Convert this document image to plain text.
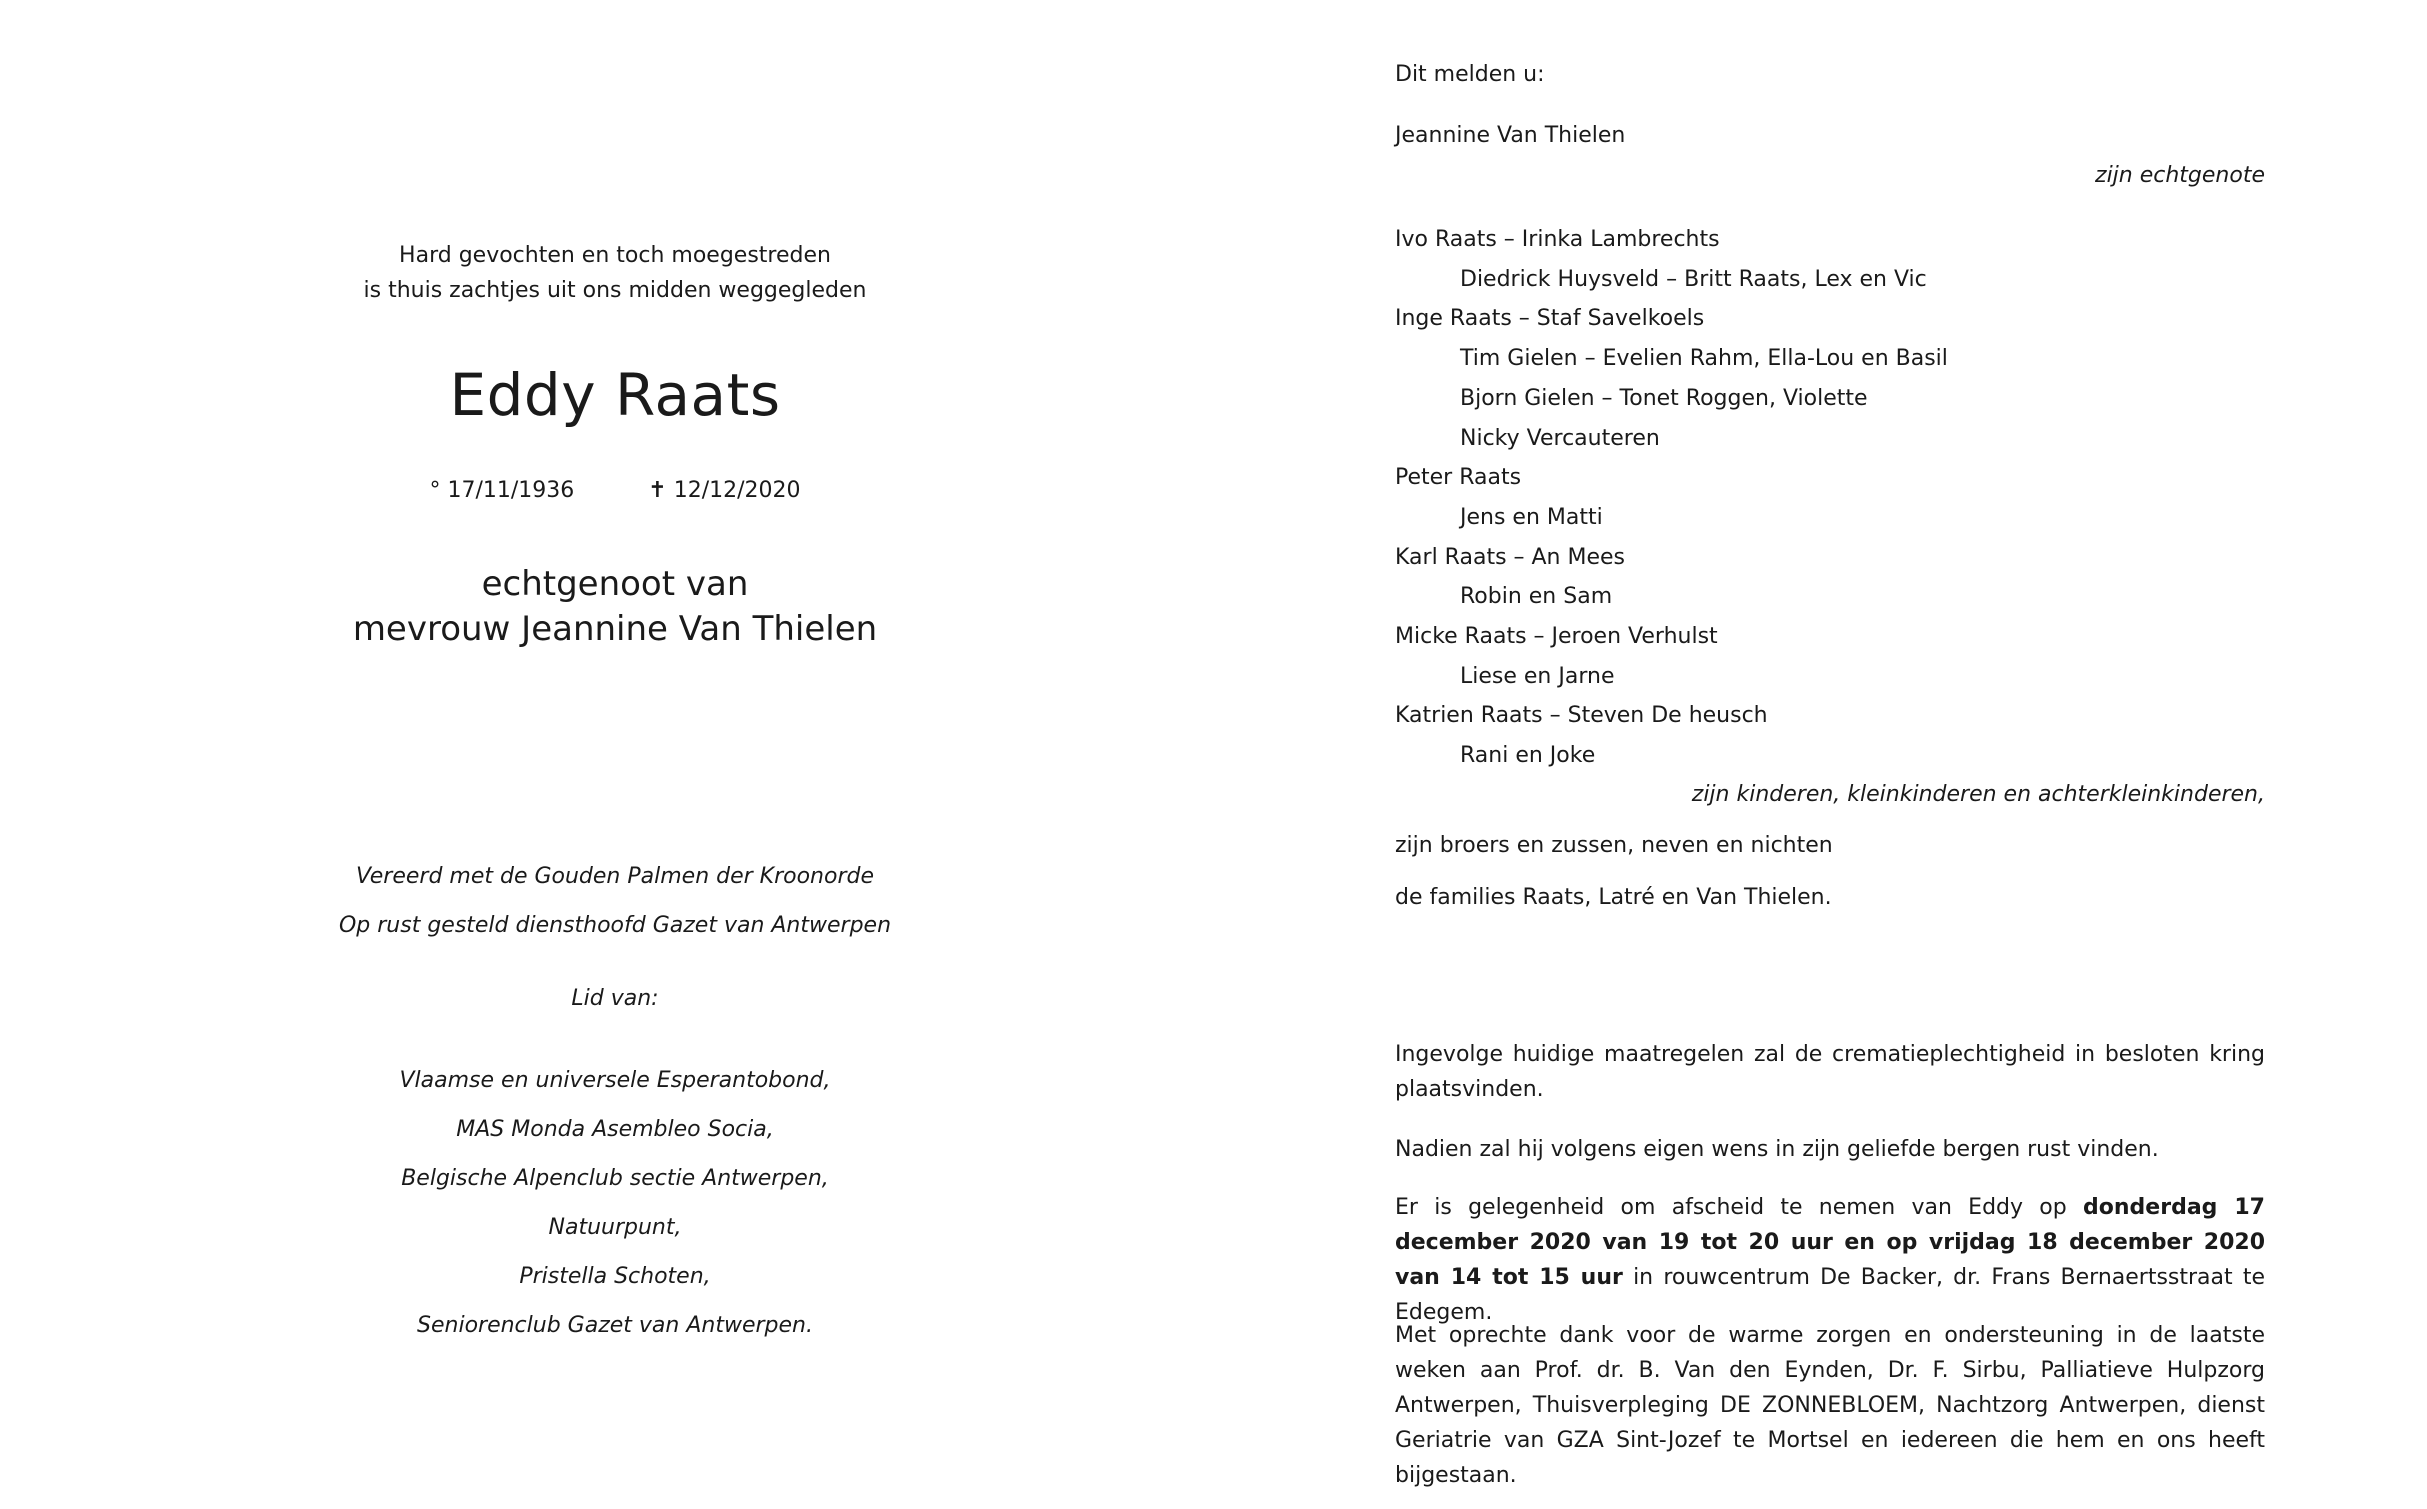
Hard gevochten en toch moegestreden
is thuis zachtjes uit ons midden weggegleden
Eddy Raats
° 17/11/1936	✝ 12/12/2020
echtgenoot van
mevrouw Jeannine Van Thielen
Vereerd met de Gouden Palmen der Kroonorde
Op rust gesteld diensthoofd Gazet van Antwerpen
Lid van:
Vlaamse en universele Esperantobond,
MAS Monda Asembleo Socia,
Belgische Alpenclub sectie Antwerpen,
Natuurpunt,
Pristella Schoten,
Seniorenclub Gazet van Antwerpen.
Dit melden u:
Jeannine Van Thielen
zijn echtgenote
Ivo Raats – Irinka Lambrechts
Diedrick Huysveld – Britt Raats, Lex en Vic
Inge Raats – Staf Savelkoels
Tim Gielen – Evelien Rahm, Ella-Lou en Basil
Bjorn Gielen – Tonet Roggen, Violette
Nicky Vercauteren
Peter Raats
Jens en Matti
Karl Raats – An Mees
Robin en Sam
Micke Raats – Jeroen Verhulst
Liese en Jarne
Katrien Raats – Steven De heusch
Rani en Joke
zijn kinderen, kleinkinderen en achterkleinkinderen,
zijn broers en zussen, neven en nichten
de families Raats, Latré en Van Thielen.
Ingevolge huidige maatregelen zal de crematieplechtigheid in besloten kring plaatsvinden.
Nadien zal hij volgens eigen wens in zijn geliefde bergen rust vinden.
Er is gelegenheid om afscheid te nemen van Eddy op donderdag 17 december 2020 van 19 tot 20 uur en op vrijdag 18 december 2020 van 14 tot 15 uur in rouwcentrum De Backer, dr. Frans Bernaertsstraat te Edegem.
Met oprechte dank voor de warme zorgen en ondersteuning in de laatste weken aan Prof. dr. B. Van den Eynden, Dr. F. Sirbu, Palliatieve Hulpzorg Antwerpen, Thuisverpleging DE ZONNEBLOEM, Nachtzorg Antwerpen, dienst Geriatrie van GZA Sint-Jozef te Mortsel en iedereen die hem en ons heeft bijgestaan.
